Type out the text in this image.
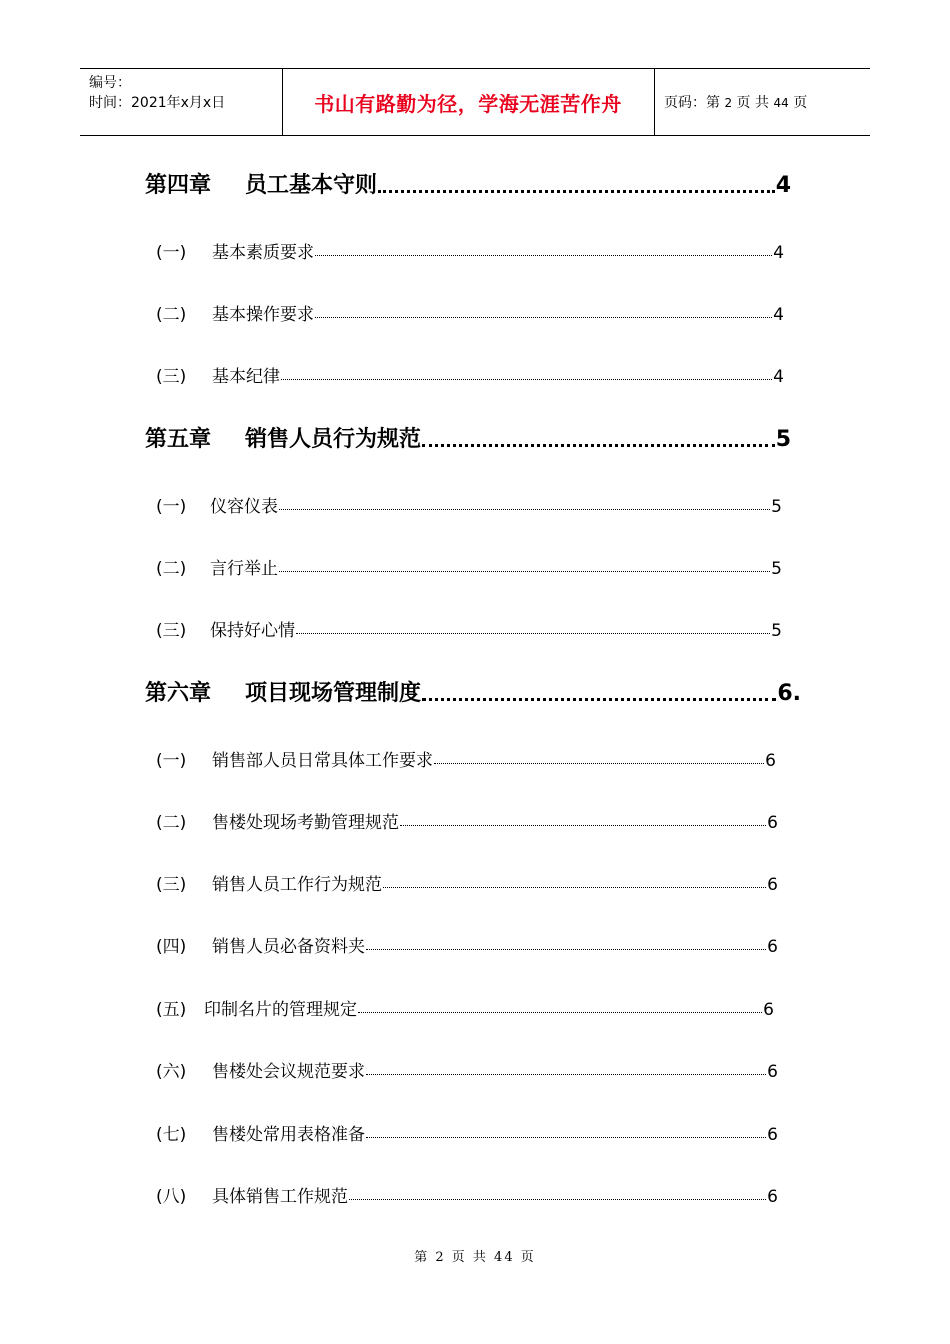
编号：
时间：2021年x月x日	书山有路勤为径，学海无涯苦作舟	页码：第 2 页 共 44 页
第四章	员工基本守则	4
(一)	基本素质要求	4
(二)	基本操作要求	4
(三)	基本纪律	4
第五章	销售人员行为规范	5
(一)	仪容仪表	5
(二)	言行举止	5
(三)	保持好心情	5
第六章	项目现场管理制度	6.
(一)	销售部人员日常具体工作要求	6
(二)	售楼处现场考勤管理规范	6
(三)	销售人员工作行为规范	6
(四)	销售人员必备资料夹	6
(五)	印制名片的管理规定	6
(六)	售楼处会议规范要求	6
(七)	售楼处常用表格准备	6
(八)	具体销售工作规范	6
第 2 页 共 44 页
